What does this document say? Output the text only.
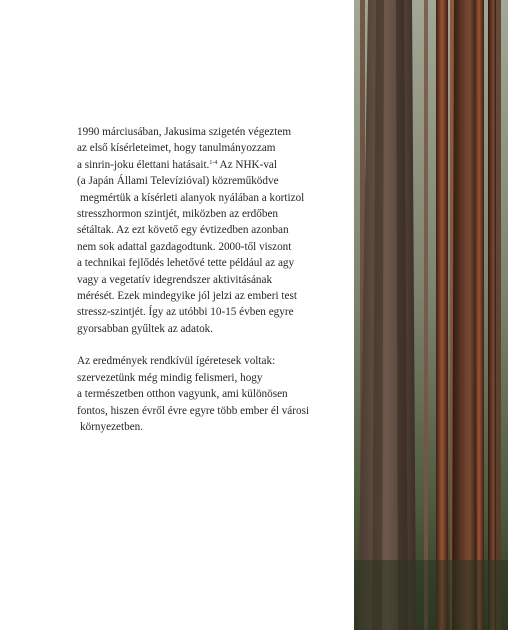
1990 márciusában, Jakusima szigetén végeztem
az első kísérleteimet, hogy tanulmányozzam
a sinrin-joku élettani hatásait.$^{1-4}$ Az NHK-val
(a Japán Állami Televízióval) közreműködve
megmértük a kísérleti alanyok nyálában a kortizol
stresszhormon szintjét, miközben az erdőben
sétáltak. Az ezt követő egy évtizedben azonban
nem sok adattal gazdagodtunk. 2000-től viszont
a technikai fejlődés lehetővé tette például az agy
vagy a vegetatív idegrendszer aktivitásának
mérését. Ezek mindegyike jól jelzi az emberi test
stressz-szintjét. Így az utóbbi 10-15 évben egyre
gyorsabban gyűltek az adatok.

Az eredmények rendkívül ígéretesek voltak:
szervezetünk még mindig felismeri, hogy
a természetben otthon vagyunk, ami különösen
fontos, hiszen évről évre egyre több ember él városi
környezetben.
